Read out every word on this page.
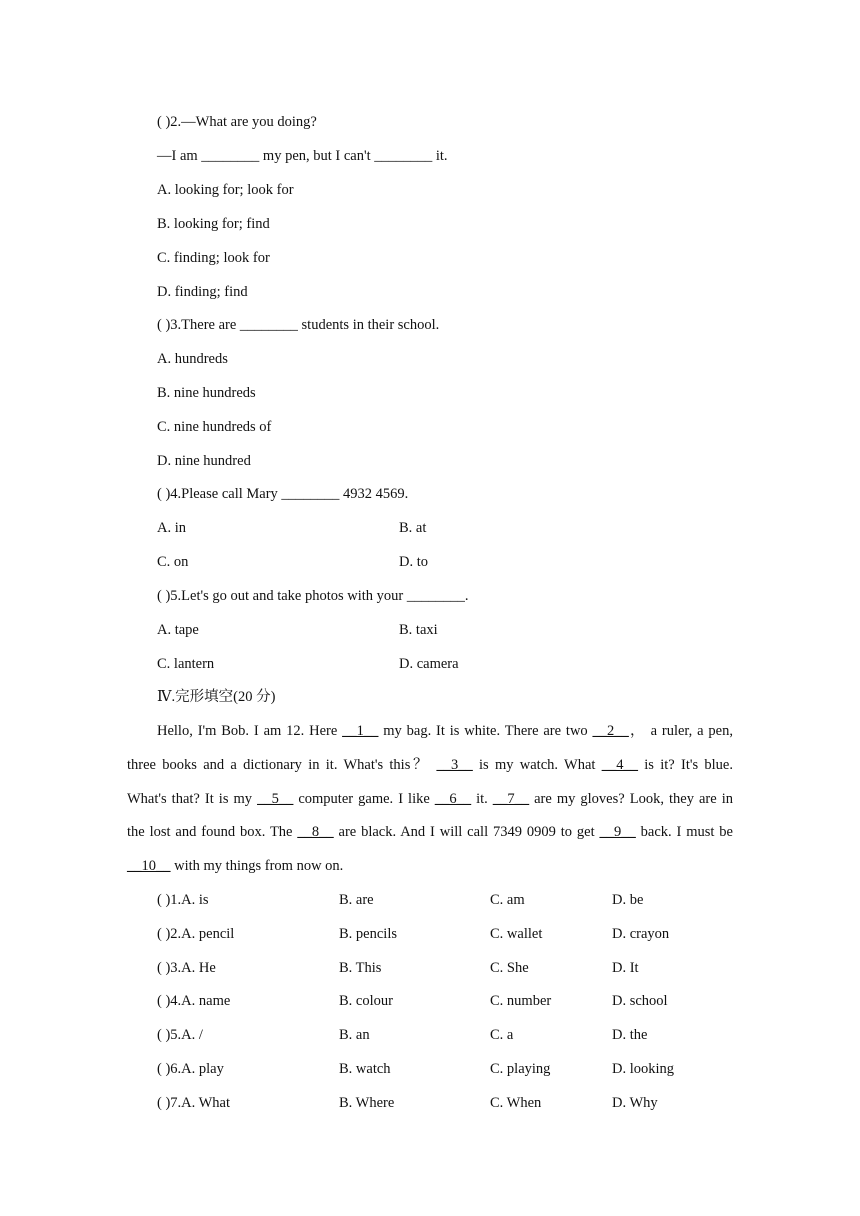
( )2.—What are you doing?
—I am ________ my pen, but I can't ________ it.
A. looking for; look for
B. looking for; find
C. finding; look for
D. finding; find
( )3.There are ________ students in their school.
A. hundreds
B. nine hundreds
C. nine hundreds of
D. nine hundred
( )4.Please call Mary ________ 4932 4569.
A. in	B. at
C. on	D. to
( )5.Let's go out and take photos with your ________.
A. tape	B. taxi
C. lantern	D. camera
Ⅳ.完形填空(20 分)
Hello, I'm Bob. I am 12. Here __1__ my bag. It is white. There are two __2__， a ruler, a pen,
three books and a dictionary in it. What's this？ __3__ is my watch. What __4__ is it? It's blue.
What's that? It is my __5__ computer game. I like __6__ it. __7__ are my gloves? Look, they are in
the lost and found box. The __8__ are black. And I will call 7349 0909 to get __9__ back. I must be
__10__ with my things from now on.
( )1.A. is	B. are	C. am	D. be
( )2.A. pencil	B. pencils	C. wallet	D. crayon
( )3.A. He	B. This	C. She	D. It
( )4.A. name	B. colour	C. number	D. school
( )5.A. /	B. an	C. a	D. the
( )6.A. play	B. watch	C. playing	D. looking
( )7.A. What	B. Where	C. When	D. Why
